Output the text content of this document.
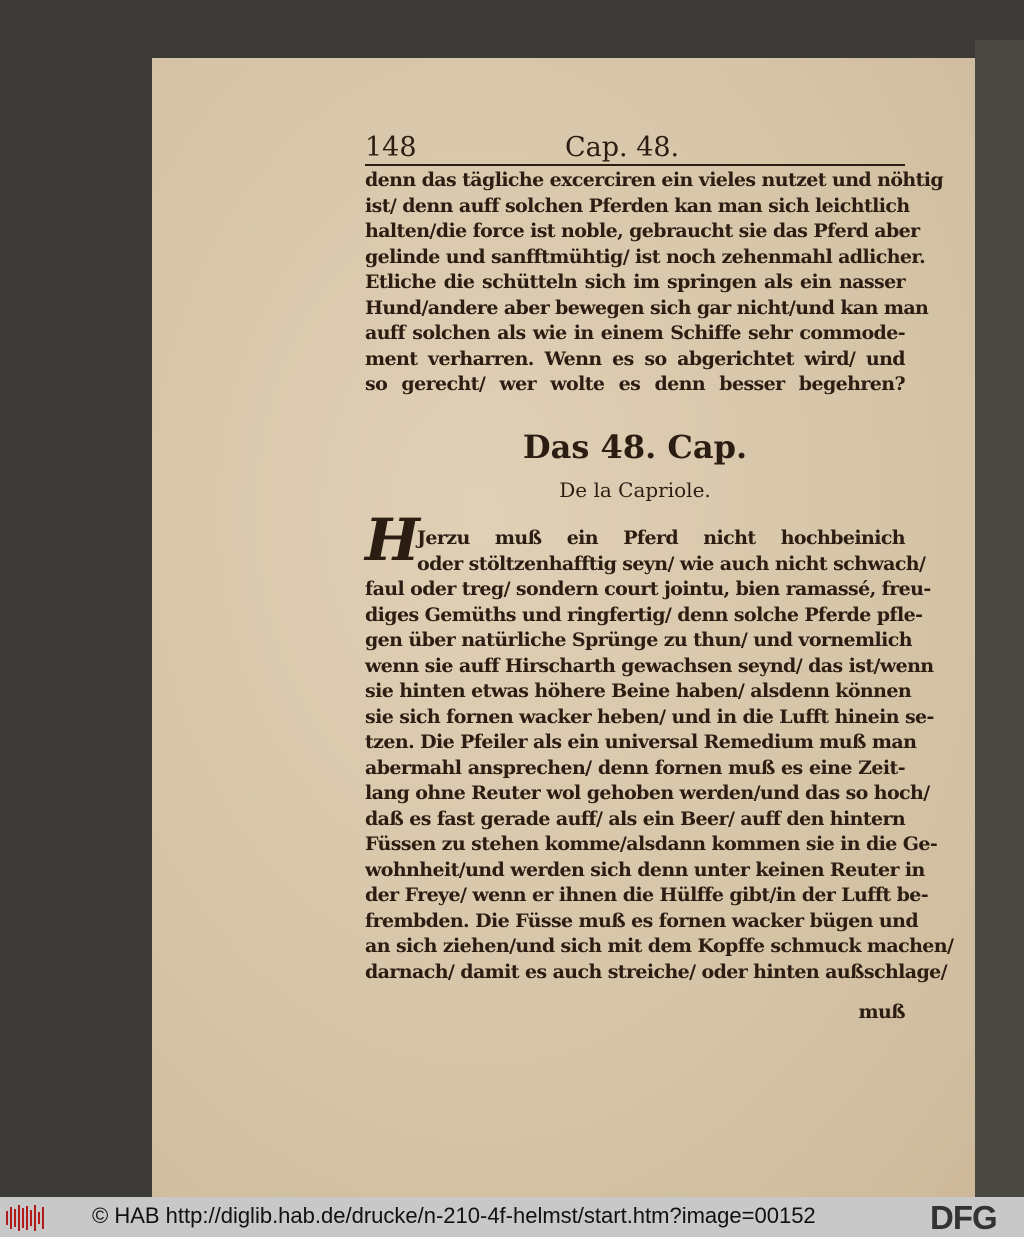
148	Cap. 48.
denn das tägliche excerciren ein vieles nutzet und nöhtig
ist/ denn auff solchen Pferden kan man sich leichtlich
halten/die force ist noble, gebraucht sie das Pferd aber
gelinde und sanfftmühtig/ ist noch zehenmahl adlicher.
Etliche die schütteln sich im springen als ein nasser
Hund/andere aber bewegen sich gar nicht/und kan man
auff solchen als wie in einem Schiffe sehr commode-
ment verharren. Wenn es so abgerichtet wird/ und
so gerecht/ wer wolte es denn besser begehren?
Das 48. Cap.
De la Capriole.
H
Jerzu muß ein Pferd nicht hochbeinich
oder stöltzenhafftig seyn/ wie auch nicht schwach/
faul oder treg/ sondern court jointu, bien ramassé, freu-
diges Gemüths und ringfertig/ denn solche Pferde pfle-
gen über natürliche Sprünge zu thun/ und vornemlich
wenn sie auff Hirscharth gewachsen seynd/ das ist/wenn
sie hinten etwas höhere Beine haben/ alsdenn können
sie sich fornen wacker heben/ und in die Lufft hinein se-
tzen. Die Pfeiler als ein universal Remedium muß man
abermahl ansprechen/ denn fornen muß es eine Zeit-
lang ohne Reuter wol gehoben werden/und das so hoch/
daß es fast gerade auff/ als ein Beer/ auff den hintern
Füssen zu stehen komme/alsdann kommen sie in die Ge-
wohnheit/und werden sich denn unter keinen Reuter in
der Freye/ wenn er ihnen die Hülffe gibt/in der Lufft be-
frembden. Die Füsse muß es fornen wacker bügen und
an sich ziehen/und sich mit dem Kopffe schmuck machen/
darnach/ damit es auch streiche/ oder hinten außschlage/
muß
© HAB http://diglib.hab.de/drucke/n-210-4f-helmst/start.htm?image=00152	DFG
